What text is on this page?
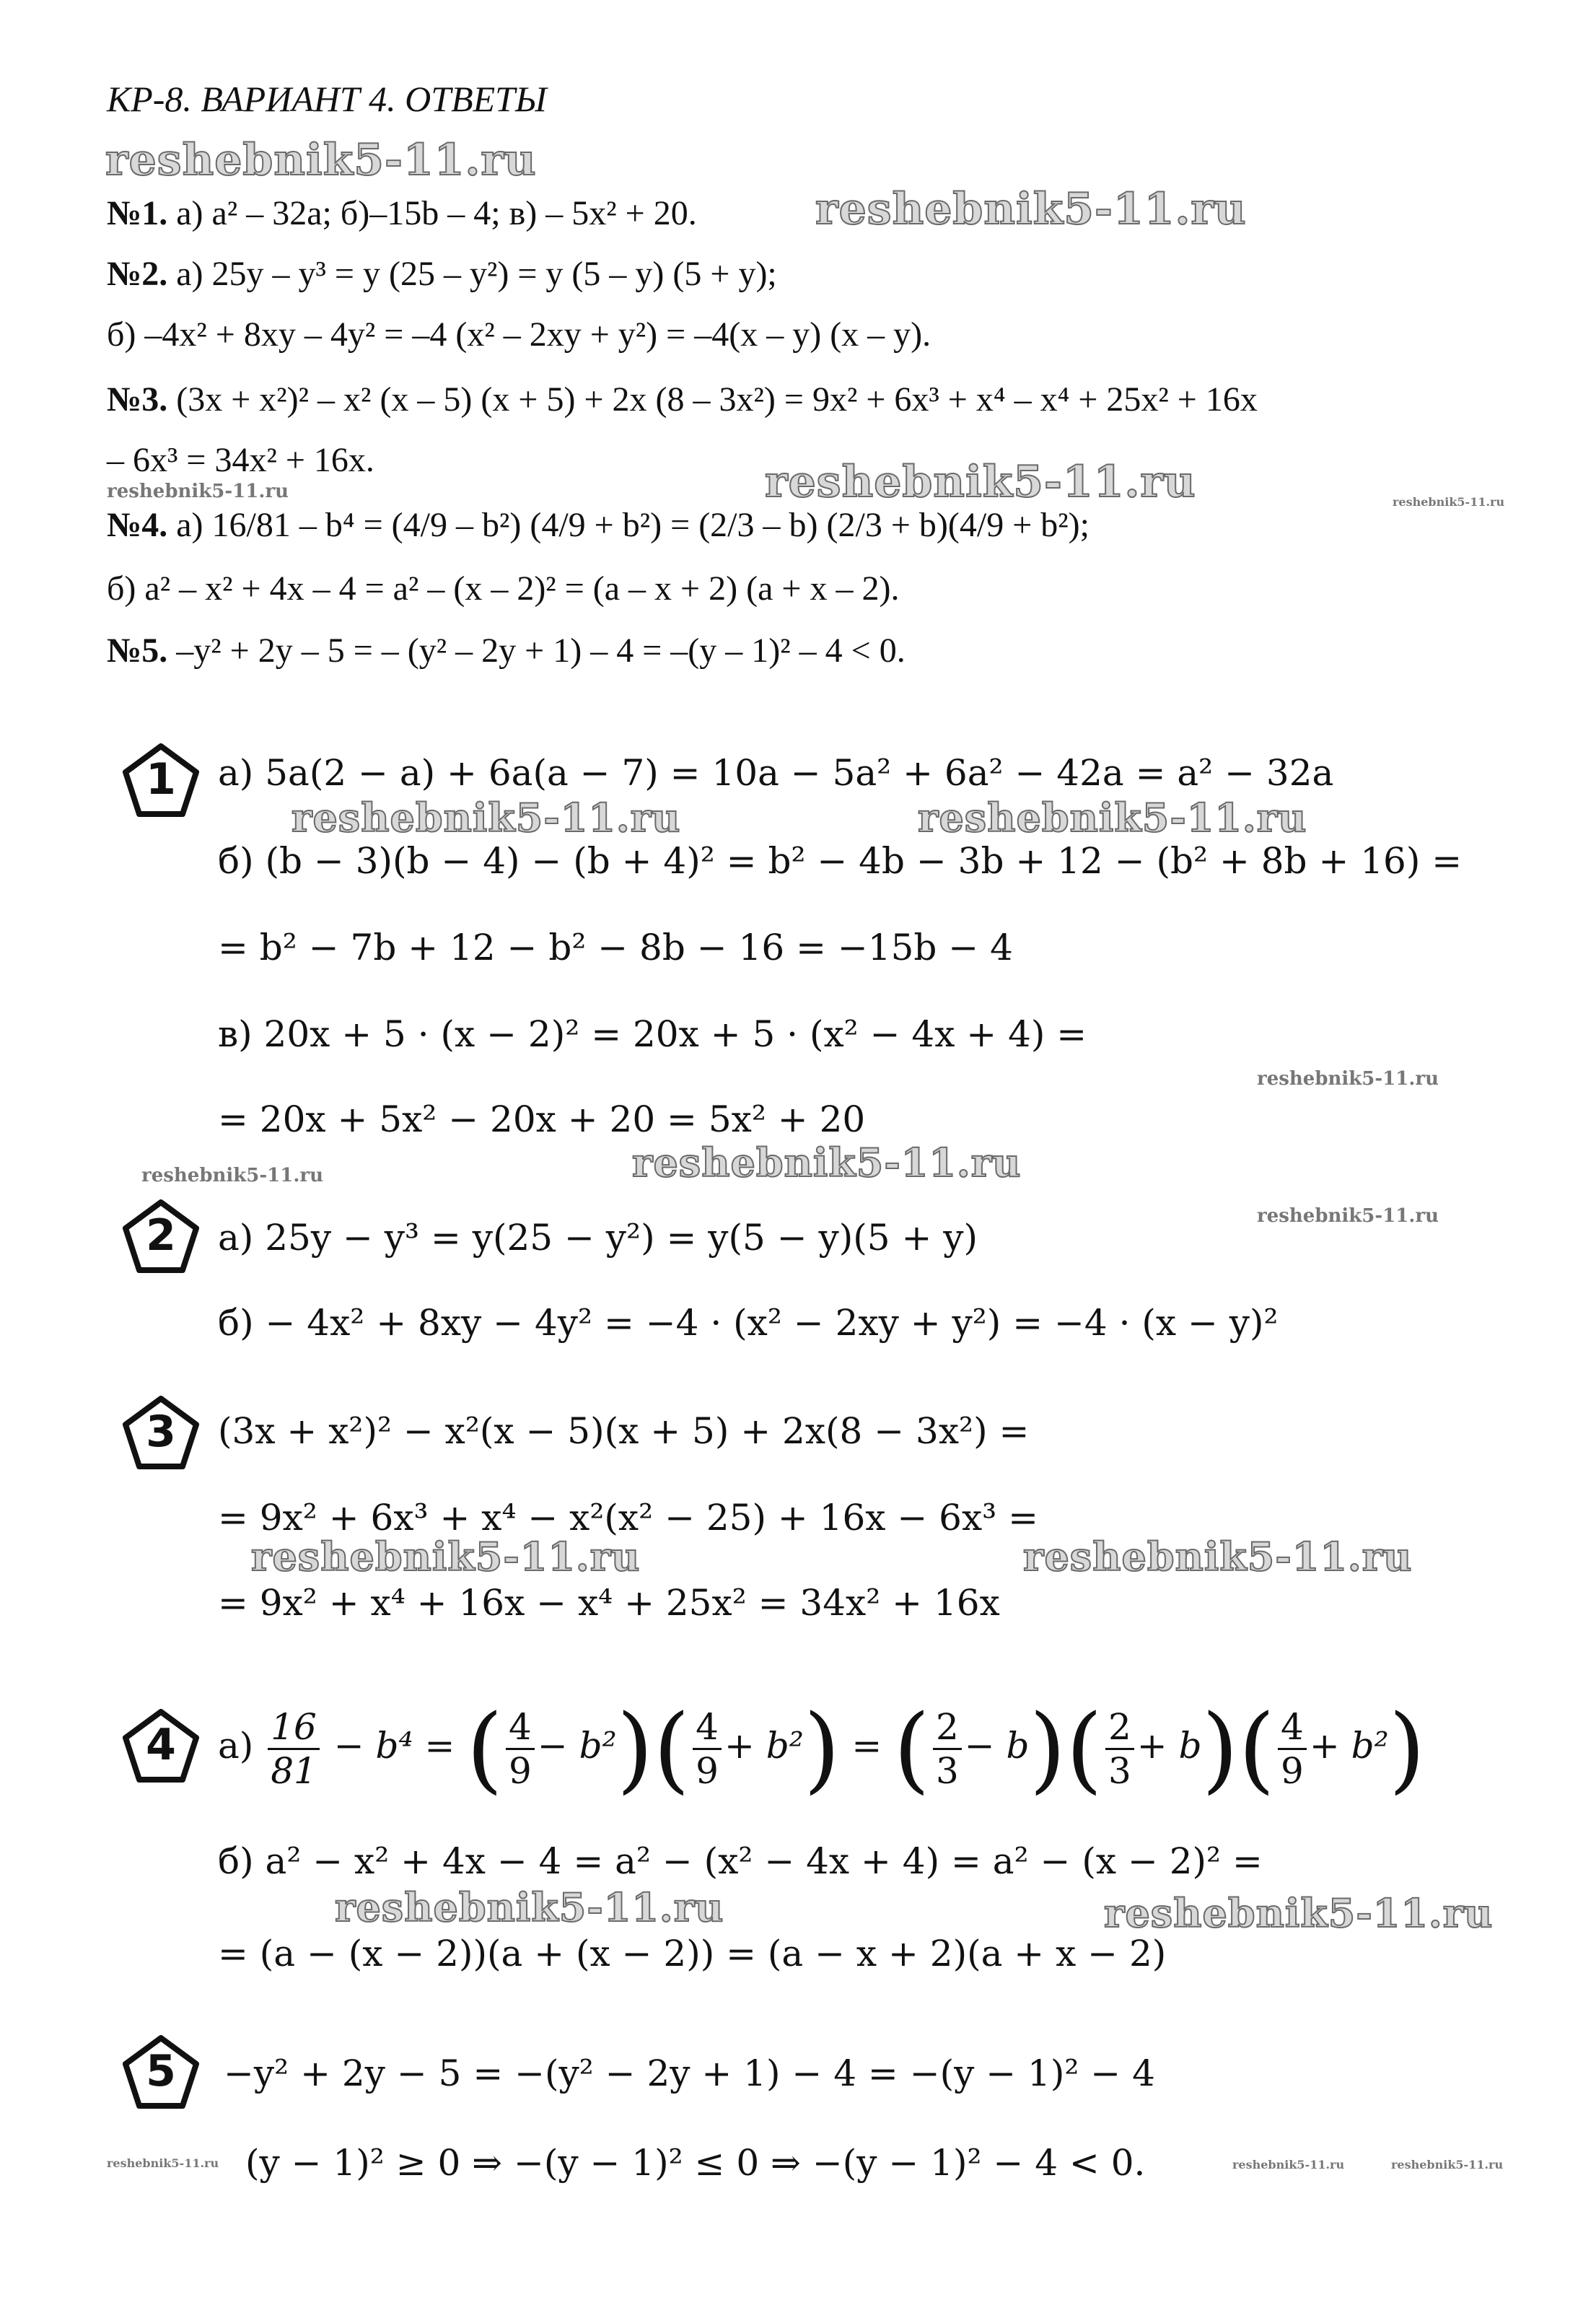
КР-8. ВАРИАНТ 4. ОТВЕТЫ
reshebnik5-11.ru
№1. а) a² – 32a; б)–15b – 4; в) – 5x² + 20.	reshebnik5-11.ru
№2. а) 25y – y³ = y (25 – y²) = y (5 – y) (5 + y);
б) –4x² + 8xy – 4y² = –4 (x² – 2xy + y²) = –4(x – y) (x – y).
№3. (3x + x²)² – x² (x – 5) (x + 5) + 2x (8 – 3x²) = 9x² + 6x³ + x⁴ – x⁴ + 25x² + 16x
– 6x³ = 34x² + 16x.
reshebnik5-11.ru	reshebnik5-11.ru	reshebnik5-11.ru
№4. а) 16/81 – b⁴ = (4/9 – b²) (4/9 + b²) = (2/3 – b) (2/3 + b)(4/9 + b²);
б) a² – x² + 4x – 4 = a² – (x – 2)² = (a – x + 2) (a + x – 2).
№5. –y² + 2y – 5 = – (y² – 2y + 1) – 4 = –(y – 1)² – 4 < 0.
1	а) 5a(2 − a) + 6a(a − 7) = 10a − 5a² + 6a² − 42a = a² − 32a
reshebnik5-11.ru	reshebnik5-11.ru
б) (b − 3)(b − 4) − (b + 4)² = b² − 4b − 3b + 12 − (b² + 8b + 16) =
= b² − 7b + 12 − b² − 8b − 16 = −15b − 4
в) 20x + 5 · (x − 2)² = 20x + 5 · (x² − 4x + 4) =
reshebnik5-11.ru
= 20x + 5x² − 20x + 20 = 5x² + 20
reshebnik5-11.ru
reshebnik5-11.ru
2	а) 25y − y³ = y(25 − y²) = y(5 − y)(5 + y)
reshebnik5-11.ru
б) − 4x² + 8xy − 4y² = −4 · (x² − 2xy + y²) = −4 · (x − y)²
3	(3x + x²)² − x²(x − 5)(x + 5) + 2x(8 − 3x²) =
= 9x² + 6x³ + x⁴ − x²(x² − 25) + 16x − 6x³ =
reshebnik5-11.ru	reshebnik5-11.ru
= 9x² + x⁴ + 16x − x⁴ + 25x² = 34x² + 16x
4	$а) \frac{16}{81} - b^4$ = ( $\frac{4}{9} - b^2)( \frac{4}{9} + b^2)$ = ( $\frac{2}{3} - b)( \frac{2}{3} + b)( \frac{4}{9} + b^2)$
б) a² − x² + 4x − 4 = a² − (x² − 4x + 4) = a² − (x − 2)² =
reshebnik5-11.ru	reshebnik5-11.ru
= (a − (x − 2))(a + (x − 2)) = (a − x + 2)(a + x − 2)
5	−y² + 2y − 5 = −(y² − 2y + 1) − 4 = −(y − 1)² − 4
reshebnik5-11.ru (y − 1)² ≥ 0 ⇒ −(y − 1)² ≤ 0 ⇒ −(y − 1)² − 4 < 0.	reshebnik5-11.ru	reshebnik5-11.ru
